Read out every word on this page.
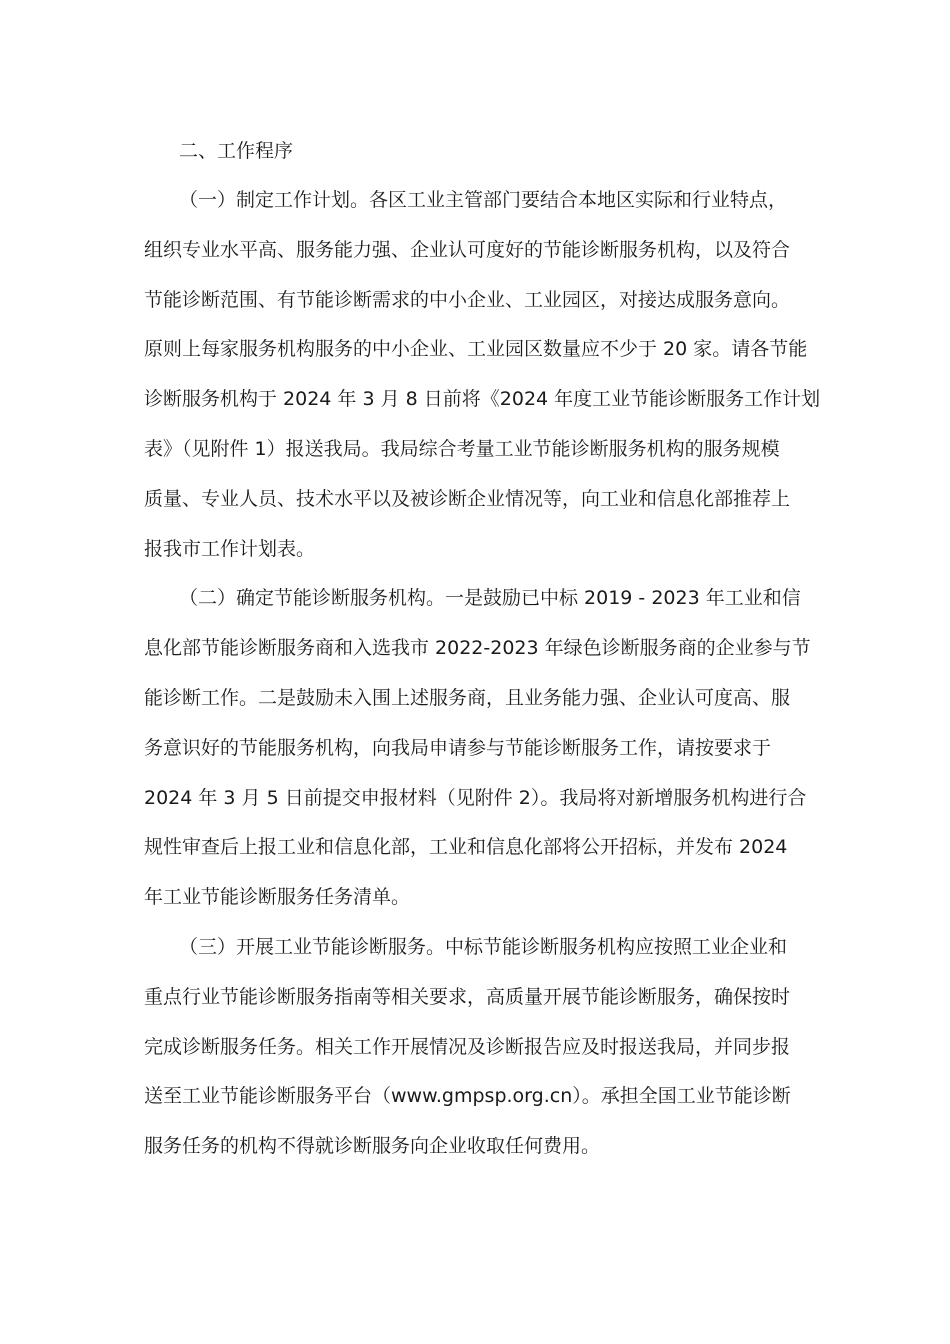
二、工作程序
（一）制定工作计划。各区工业主管部门要结合本地区实际和行业特点，
组织专业水平高、服务能力强、企业认可度好的节能诊断服务机构，以及符合
节能诊断范围、有节能诊断需求的中小企业、工业园区，对接达成服务意向。
原则上每家服务机构服务的中小企业、工业园区数量应不少于 20 家。请各节能
诊断服务机构于 2024 年 3 月 8 日前将《2024 年度工业节能诊断服务工作计划
表》（见附件 1）报送我局。我局综合考量工业节能诊断服务机构的服务规模
质量、专业人员、技术水平以及被诊断企业情况等，向工业和信息化部推荐上
报我市工作计划表。
（二）确定节能诊断服务机构。一是鼓励已中标 2019 - 2023 年工业和信
息化部节能诊断服务商和入选我市 2022-2023 年绿色诊断服务商的企业参与节
能诊断工作。二是鼓励未入围上述服务商，且业务能力强、企业认可度高、服
务意识好的节能服务机构，向我局申请参与节能诊断服务工作，请按要求于
2024 年 3 月 5 日前提交申报材料（见附件 2）。我局将对新增服务机构进行合
规性审查后上报工业和信息化部，工业和信息化部将公开招标，并发布 2024
年工业节能诊断服务任务清单。
（三）开展工业节能诊断服务。中标节能诊断服务机构应按照工业企业和
重点行业节能诊断服务指南等相关要求，高质量开展节能诊断服务，确保按时
完成诊断服务任务。相关工作开展情况及诊断报告应及时报送我局，并同步报
送至工业节能诊断服务平台（www.gmpsp.org.cn）。承担全国工业节能诊断
服务任务的机构不得就诊断服务向企业收取任何费用。
